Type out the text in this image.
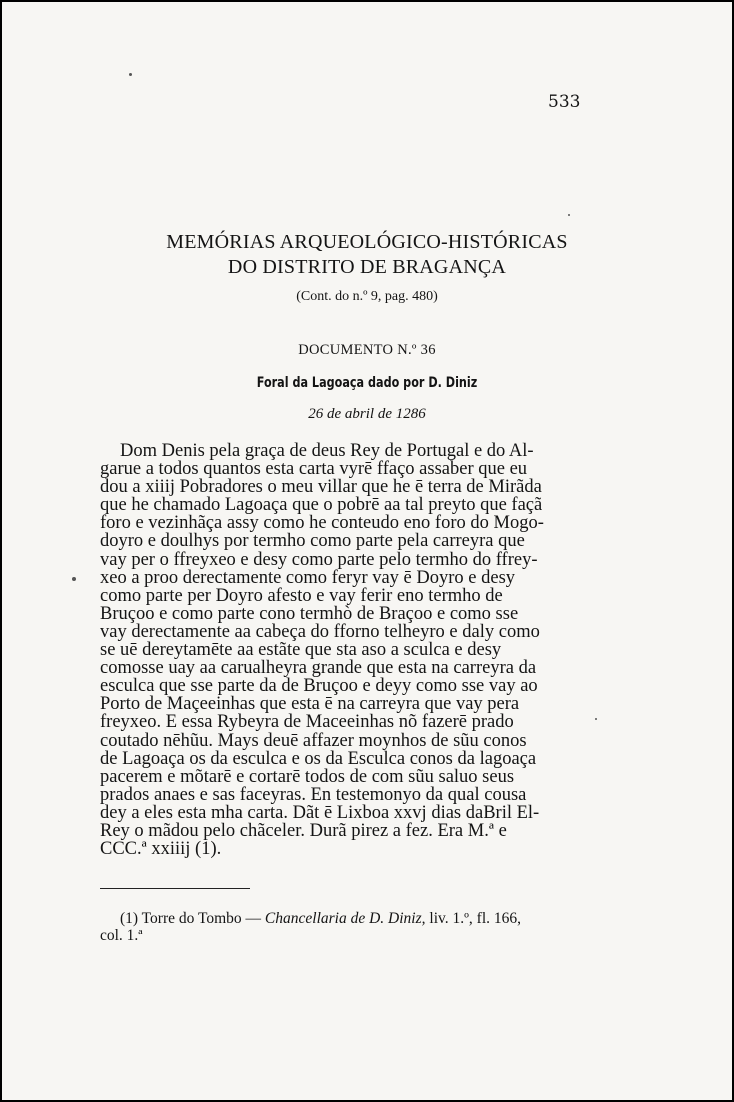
533
MEMÓRIAS ARQUEOLÓGICO-HISTÓRICAS
DO DISTRITO DE BRAGANÇA
(Cont. do n.º 9, pag. 480)
DOCUMENTO N.º 36
Foral da Lagoaça dado por D. Diniz
26 de abril de 1286
Dom Denis pela graça de deus Rey de Portugal e do Al-
garue a todos quantos esta carta vyrē ffaço assaber que eu
dou a xiiij Pobradores o meu villar que he ē terra de Mirãda
que he chamado Lagoaça que o pobrē aa tal preyto que façã
foro e vezinhãça assy como he conteudo eno foro do Mogo-
doyro e doulhys por termho como parte pela carreyra que
vay per o ffreyxeo e desy como parte pelo termho do ffrey-
xeo a proo derectamente como feryr vay ē Doyro e desy
como parte per Doyro afesto e vay ferir eno termho de
Bruçoo e como parte cono termhò de Braçoo e como sse
vay derectamente aa cabeça do fforno telheyro e daly como
se uē dereytamēte aa estãte que sta aso a sculca e desy
comosse uay aa carualheyra grande que esta na carreyra da
esculca que sse parte da de Bruçoo e deyy como sse vay ao
Porto de Maçeeinhas que esta ē na carreyra que vay pera
freyxeo. E essa Rybeyra de Maceeinhas nõ fazerē prado
coutado nēhũu. Mays deuē affazer moynhos de sũu conos
de Lagoaça os da esculca e os da Esculca conos da lagoaça
pacerem e mõtarē e cortarē todos de com sũu saluo seus
prados anaes e sas faceyras. En testemonyo da qual cousa
dey a eles esta mha carta. Dãt ē Lixboa xxvj dias daBril El-
Rey o mãdou pelo chãceler. Durã pirez a fez. Era M.ª e
CCC.ª xxiiij (1).
(1) Torre do Tombo — Chancellaria de D. Diniz, liv. 1.º, fl. 166,
col. 1.ª
